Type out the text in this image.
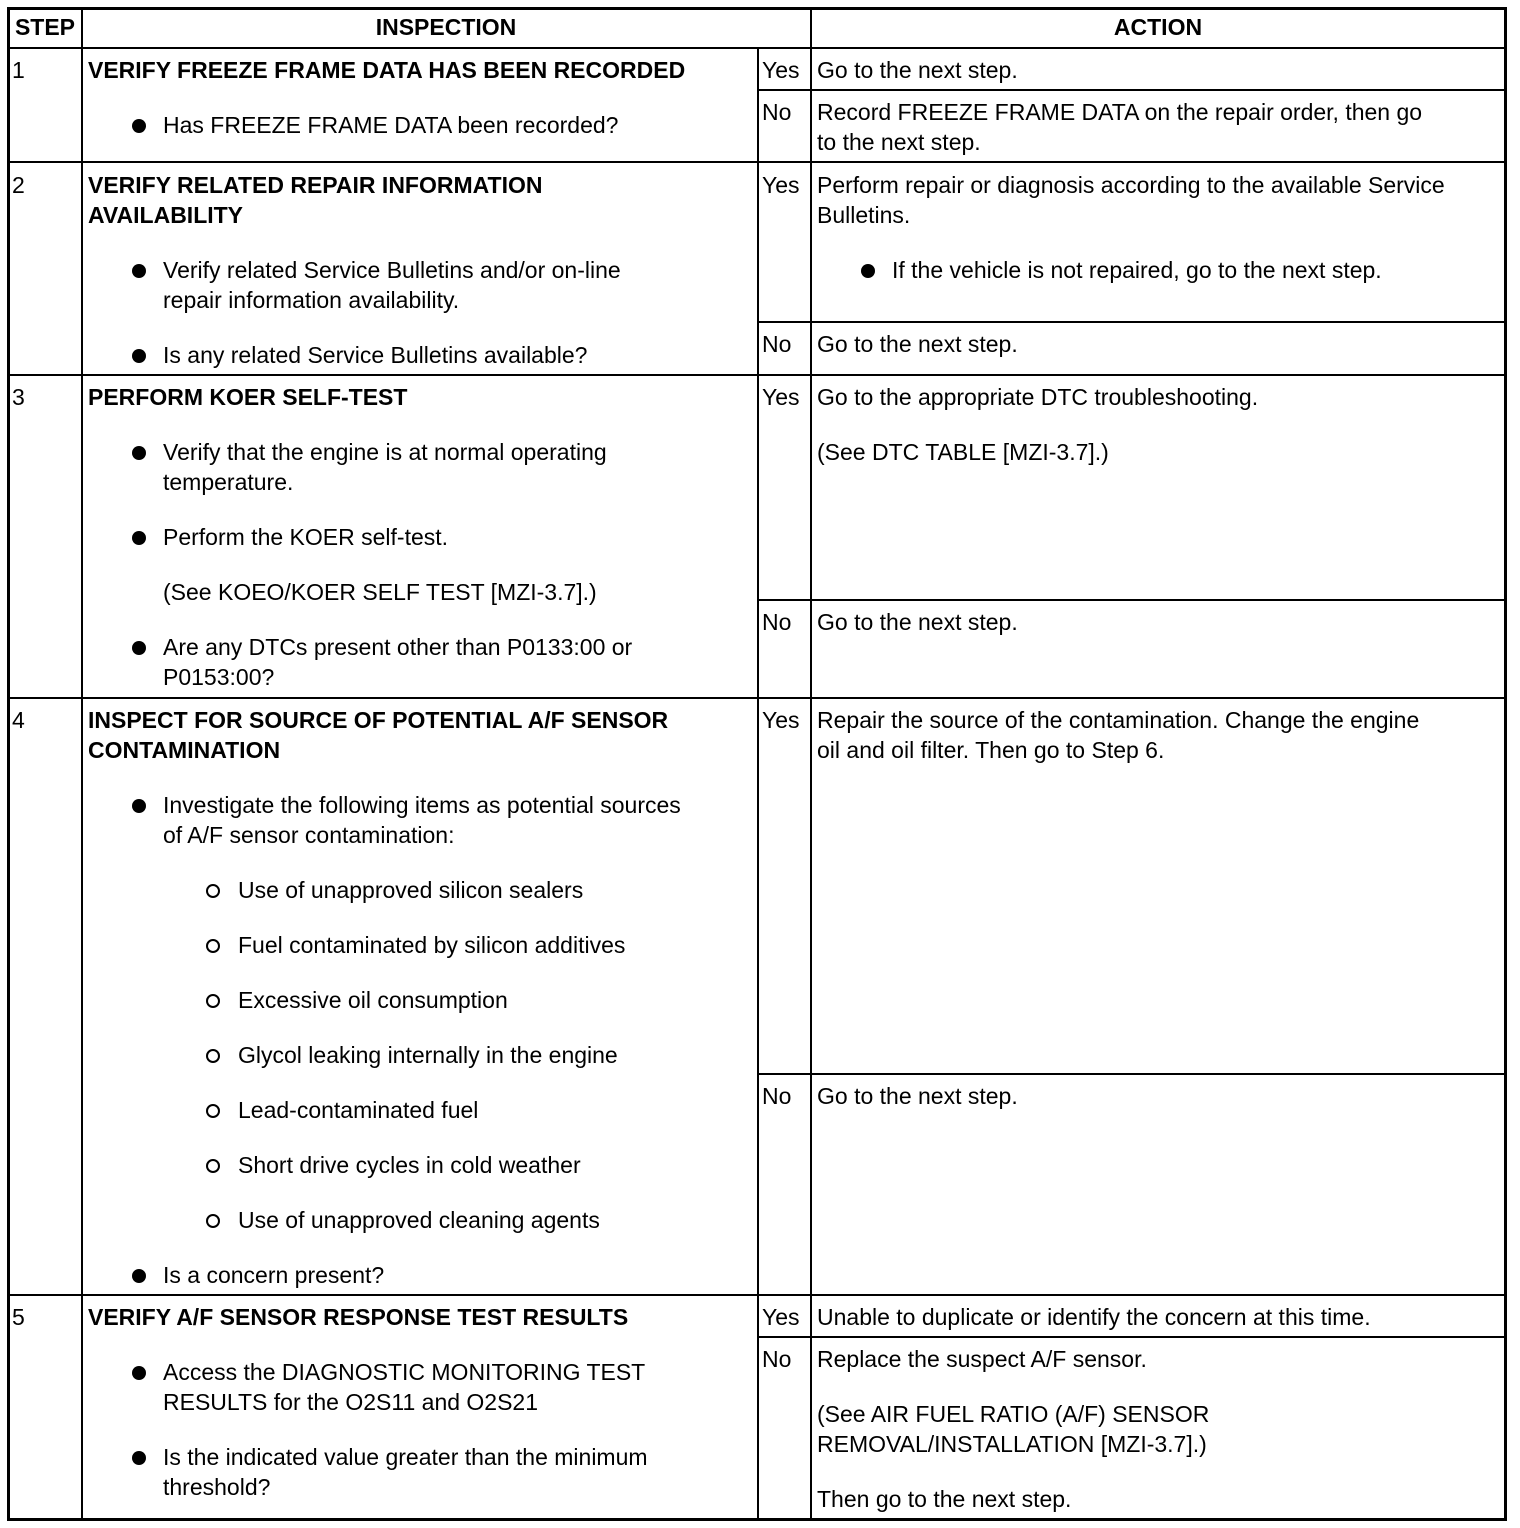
STEP	INSPECTION	ACTION
1	VERIFY FREEZE FRAME DATA HAS BEEN RECORDED
Has FREEZE FRAME DATA been recorded?
Yes Go to the next step.
No Record FREEZE FRAME DATA on the repair order, then go
to the next step.
2	VERIFY RELATED REPAIR INFORMATION
AVAILABILITY
Verify related Service Bulletins and/or on-line
repair information availability.
Is any related Service Bulletins available?
Yes Perform repair or diagnosis according to the available Service
Bulletins.
If the vehicle is not repaired, go to the next step.
No Go to the next step.
3	PERFORM KOER SELF-TEST
Verify that the engine is at normal operating
temperature.
Perform the KOER self-test.
(See KOEO/KOER SELF TEST [MZI-3.7].)
Are any DTCs present other than P0133:00 or
P0153:00?
Yes Go to the appropriate DTC troubleshooting.
(See DTC TABLE [MZI-3.7].)
No Go to the next step.
4	INSPECT FOR SOURCE OF POTENTIAL A/F SENSOR
CONTAMINATION
Investigate the following items as potential sources
of A/F sensor contamination:
Use of unapproved silicon sealers
Fuel contaminated by silicon additives
Excessive oil consumption
Glycol leaking internally in the engine
Lead-contaminated fuel
Short drive cycles in cold weather
Use of unapproved cleaning agents
Is a concern present?
Yes Repair the source of the contamination. Change the engine
oil and oil filter. Then go to Step 6.
No Go to the next step.
5	VERIFY A/F SENSOR RESPONSE TEST RESULTS
Access the DIAGNOSTIC MONITORING TEST
RESULTS for the O2S11 and O2S21
Is the indicated value greater than the minimum
threshold?
Yes Unable to duplicate or identify the concern at this time.
No Replace the suspect A/F sensor.
(See AIR FUEL RATIO (A/F) SENSOR
REMOVAL/INSTALLATION [MZI-3.7].)
Then go to the next step.
